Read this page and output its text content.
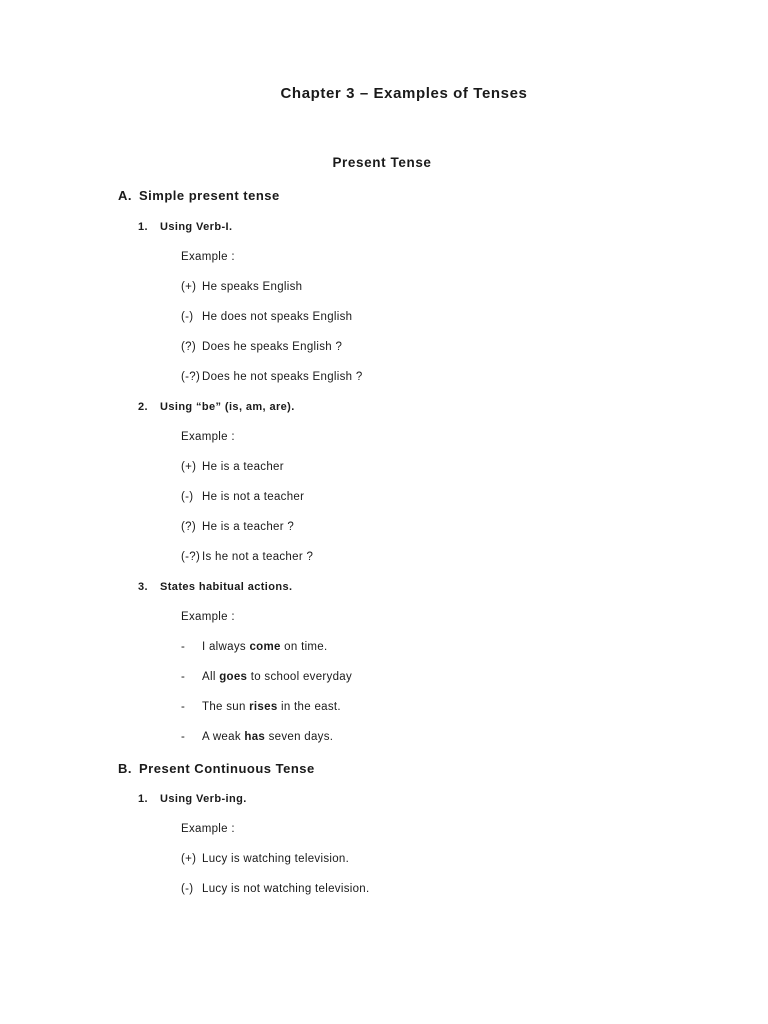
Chapter 3 – Examples of Tenses
Present Tense
A. Simple present tense
1. Using Verb-I.
Example :
(+) He speaks English
(-) He does not speaks English
(?) Does he speaks English ?
(-?) Does he not speaks English ?
2. Using “be” (is, am, are).
Example :
(+) He is a teacher
(-) He is not a teacher
(?) He is a teacher ?
(-?) Is he not a teacher ?
3. States habitual actions.
Example :
- I always come on time.
- All goes to school everyday
- The sun rises in the east.
- A weak has seven days.
B. Present Continuous Tense
1. Using Verb-ing.
Example :
(+) Lucy is watching television.
(-) Lucy is not watching television.
